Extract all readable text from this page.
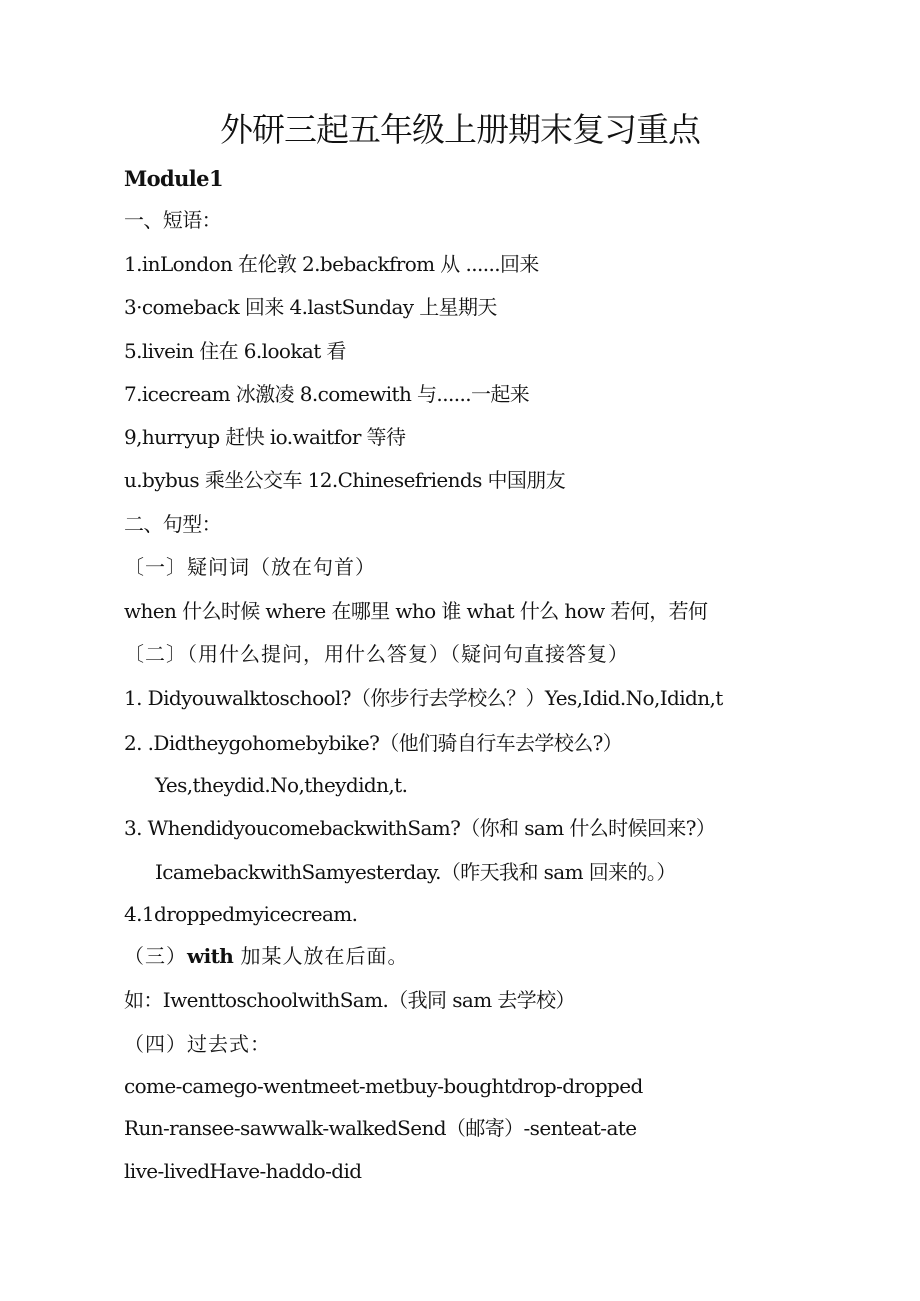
外研三起五年级上册期末复习重点
Module1
一、短语：
1.inLondon 在伦敦 2.bebackfrom 从 ......回来
3·comeback 回来 4.lastSunday 上星期天
5.livein 住在 6.lookat 看
7.icecream 冰激凌 8.comewith 与......一起来
9,hurryup 赶快 io.waitfor 等待
u.bybus 乘坐公交车 12.Chinesefriends 中国朋友
二、句型：
〔一〕疑问词（放在句首）
when 什么时候 where 在哪里 who 谁 what 什么 how 若何，若何
〔二〕（用什么提问，用什么答复）（疑问句直接答复）
1. Didyouwalktoschool?（你步行去学校么？）Yes,Idid.No,Ididn,t
2. .Didtheygohomebybike?（他们骑自行车去学校么?）
Yes,theydid.No,theydidn,t.
3. WhendidyoucomebackwithSam?（你和 sam 什么时候回来?）
IcamebackwithSamyesterday.（昨天我和 sam 回来的。）
4.1droppedmyicecream.
（三）with 加某人放在后面。
如：IwenttoschoolwithSam.（我同 sam 去学校）
（四）过去式：
come-camego-wentmeet-metbuy-boughtdrop-dropped
Run-ransee-sawwalk-walkedSend（邮寄）-senteat-ate
live-livedHave-haddo-did
